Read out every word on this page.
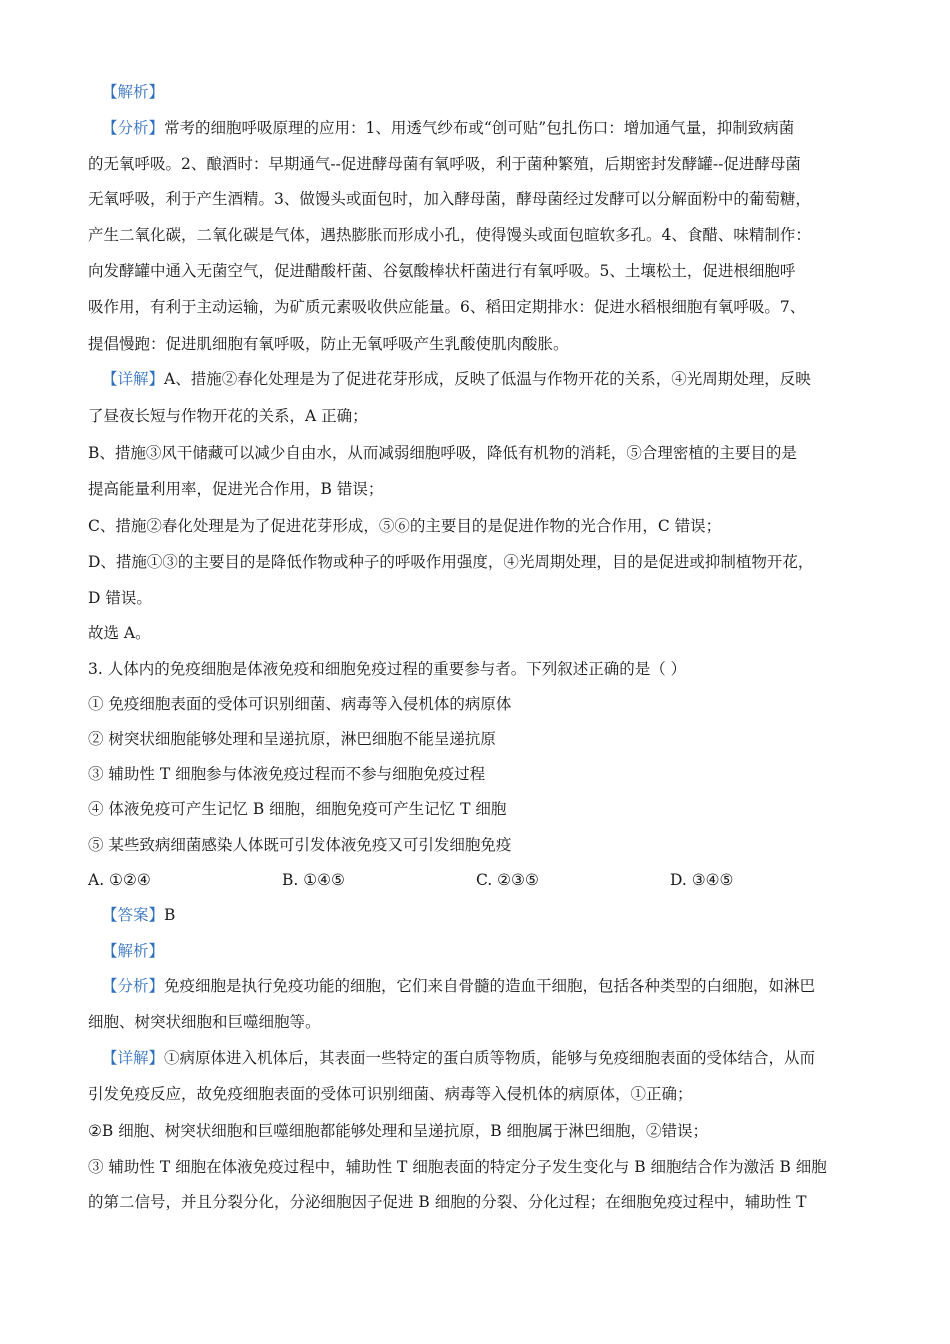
【解析】
【分析】常考的细胞呼吸原理的应用：1、用透气纱布或“创可贴”包扎伤口：增加通气量，抑制致病菌
的无氧呼吸。2、酿酒时：早期通气--促进酵母菌有氧呼吸，利于菌种繁殖，后期密封发酵罐--促进酵母菌
无氧呼吸，利于产生酒精。3、做馒头或面包时，加入酵母菌，酵母菌经过发酵可以分解面粉中的葡萄糖，
产生二氧化碳，二氧化碳是气体，遇热膨胀而形成小孔，使得馒头或面包暄软多孔。4、食醋、味精制作：
向发酵罐中通入无菌空气，促进醋酸杆菌、谷氨酸棒状杆菌进行有氧呼吸。5、土壤松土，促进根细胞呼
吸作用，有利于主动运输，为矿质元素吸收供应能量。6、稻田定期排水：促进水稻根细胞有氧呼吸。7、
提倡慢跑：促进肌细胞有氧呼吸，防止无氧呼吸产生乳酸使肌肉酸胀。
【详解】A、措施②春化处理是为了促进花芽形成，反映了低温与作物开花的关系，④光周期处理，反映
了昼夜长短与作物开花的关系，A 正确；
B、措施③风干储藏可以减少自由水，从而减弱细胞呼吸，降低有机物的消耗，⑤合理密植的主要目的是
提高能量利用率，促进光合作用，B 错误；
C、措施②春化处理是为了促进花芽形成，⑤⑥的主要目的是促进作物的光合作用，C 错误；
D、措施①③的主要目的是降低作物或种子的呼吸作用强度，④光周期处理，目的是促进或抑制植物开花，
D 错误。
故选 A。
3. 人体内的免疫细胞是体液免疫和细胞免疫过程的重要参与者。下列叙述正确的是（ ）
① 免疫细胞表面的受体可识别细菌、病毒等入侵机体的病原体
② 树突状细胞能够处理和呈递抗原，淋巴细胞不能呈递抗原
③ 辅助性 T 细胞参与体液免疫过程而不参与细胞免疫过程
④ 体液免疫可产生记忆 B 细胞，细胞免疫可产生记忆 T 细胞
⑤ 某些致病细菌感染人体既可引发体液免疫又可引发细胞免疫
A. ①②④	B. ①④⑤	C. ②③⑤	D. ③④⑤
【答案】B
【解析】
【分析】免疫细胞是执行免疫功能的细胞，它们来自骨髓的造血干细胞，包括各种类型的白细胞，如淋巴
细胞、树突状细胞和巨噬细胞等。
【详解】①病原体进入机体后，其表面一些特定的蛋白质等物质，能够与免疫细胞表面的受体结合，从而
引发免疫反应，故免疫细胞表面的受体可识别细菌、病毒等入侵机体的病原体，①正确；
②B 细胞、树突状细胞和巨噬细胞都能够处理和呈递抗原，B 细胞属于淋巴细胞，②错误；
③ 辅助性 T 细胞在体液免疫过程中，辅助性 T 细胞表面的特定分子发生变化与 B 细胞结合作为激活 B 细胞
的第二信号，并且分裂分化，分泌细胞因子促进 B 细胞的分裂、分化过程；在细胞免疫过程中，辅助性 T
